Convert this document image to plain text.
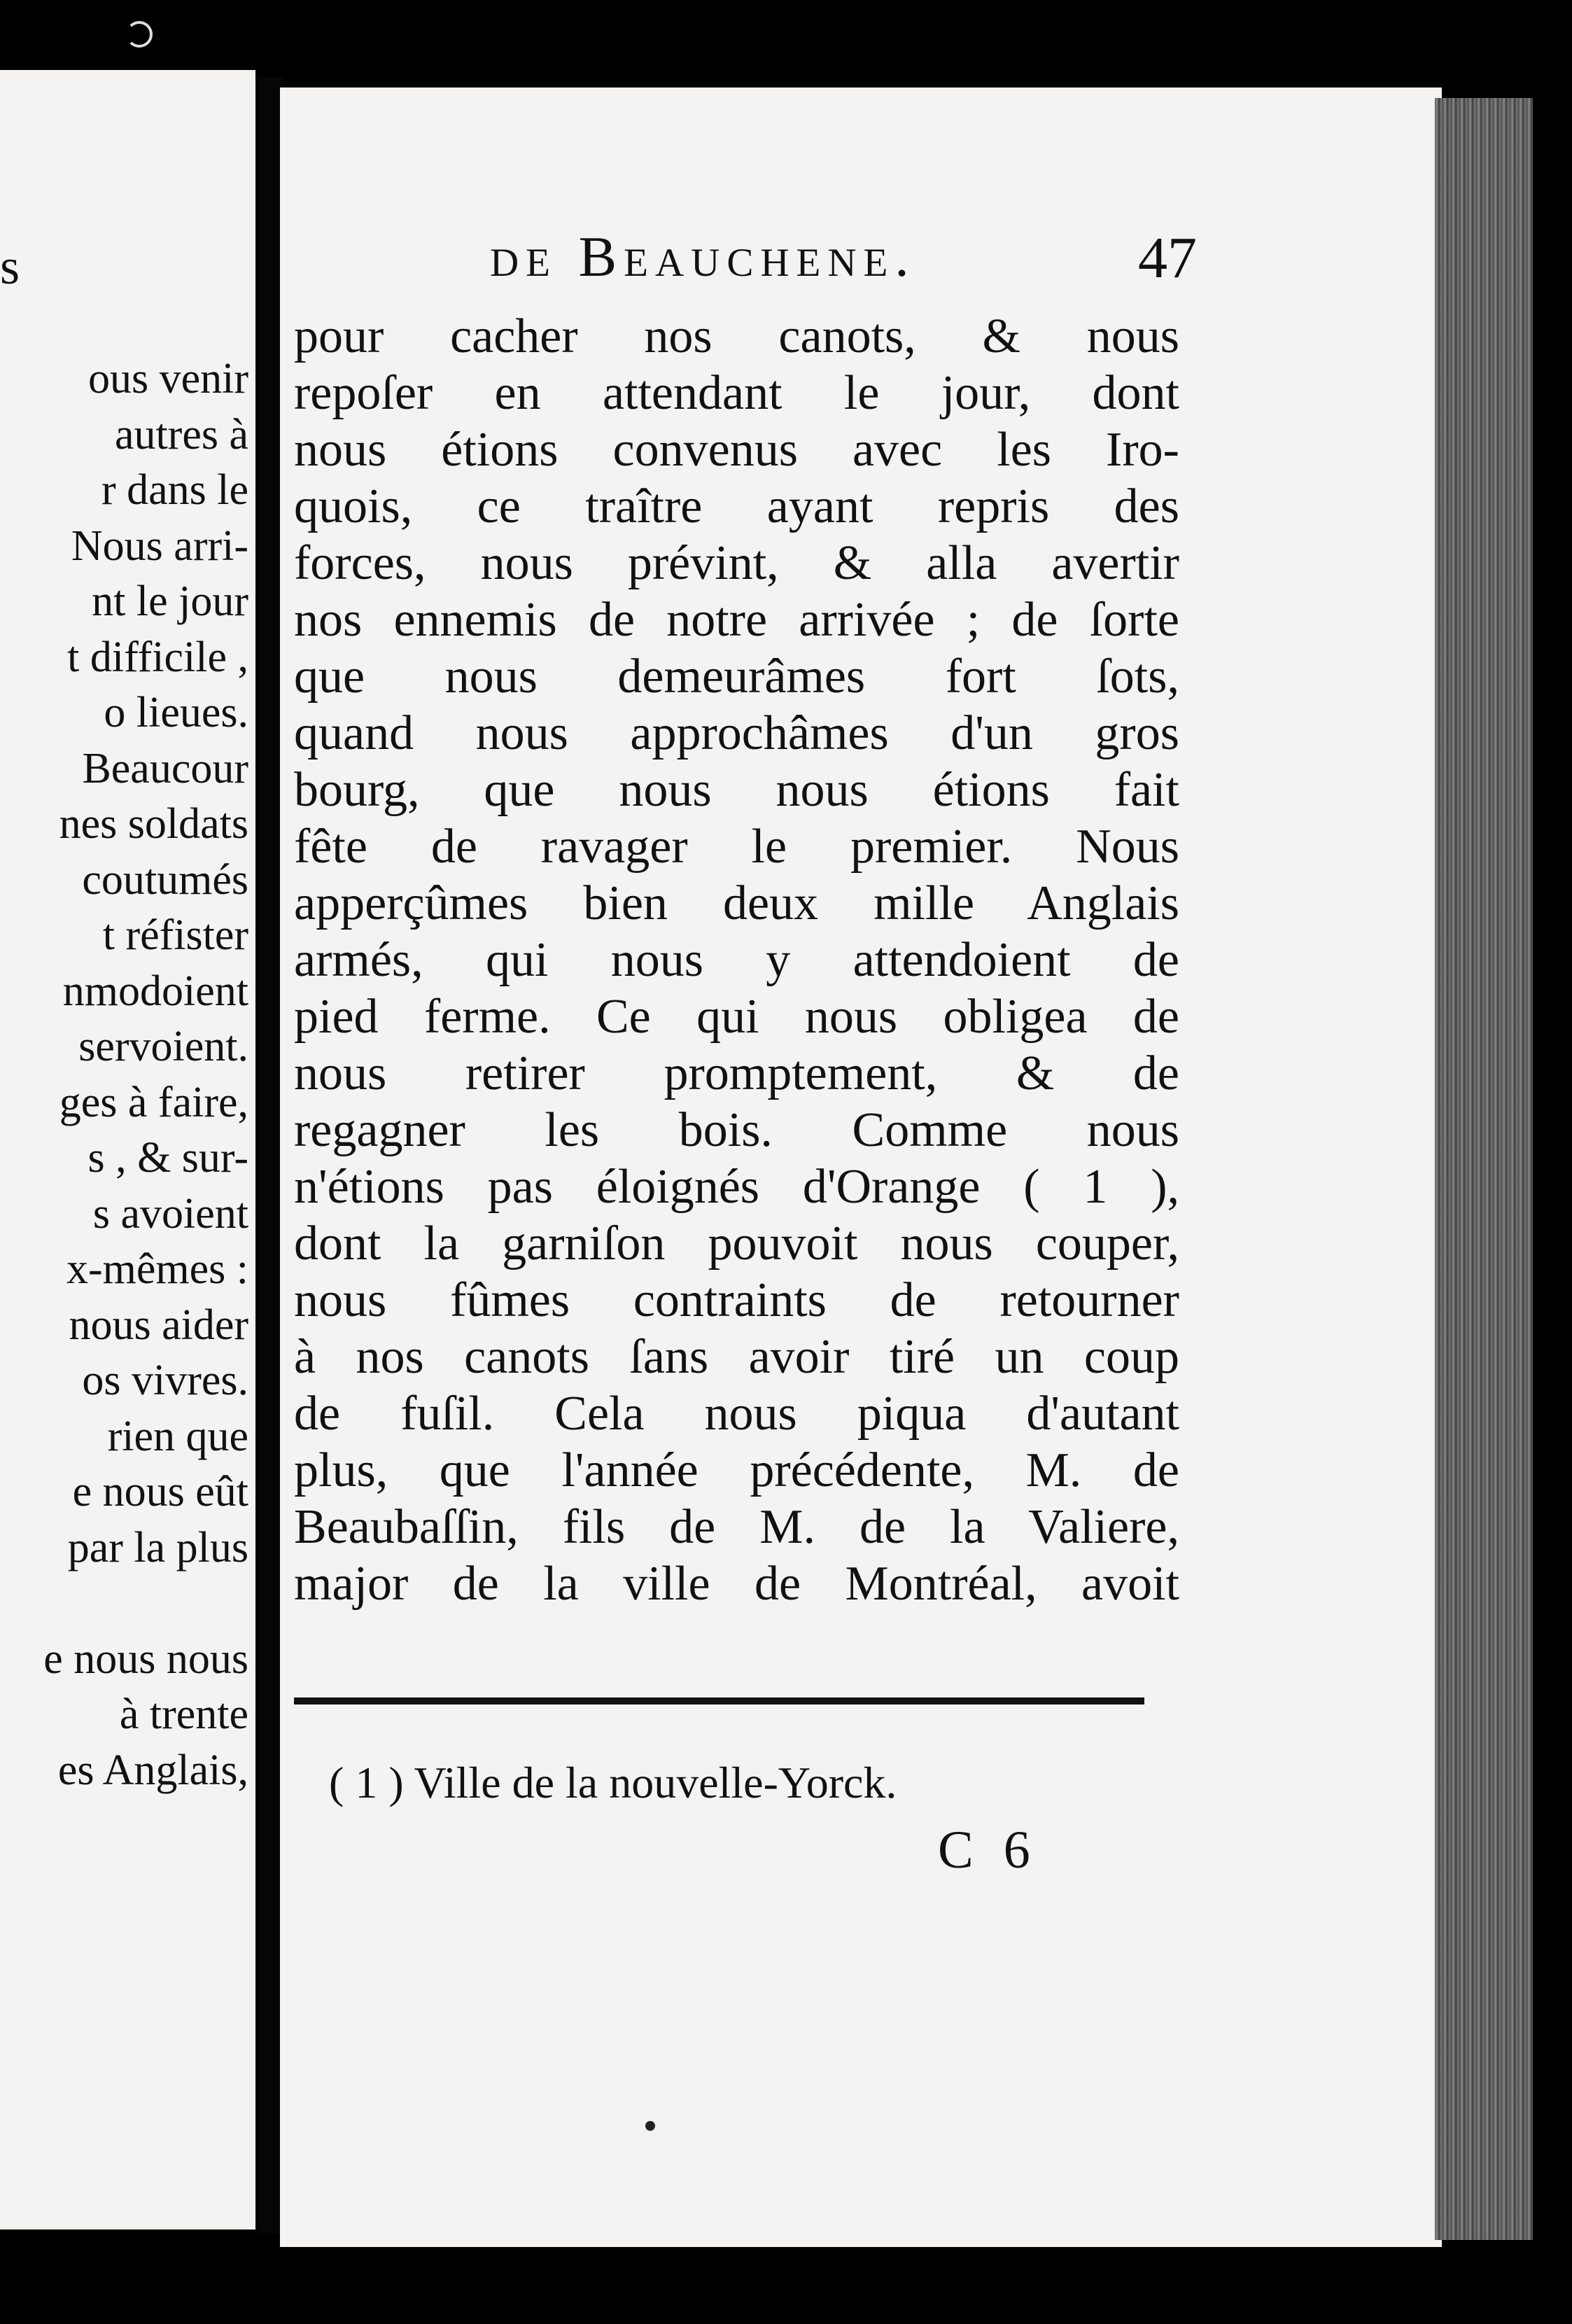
s
ous venir
autres à
r dans le
Nous arri-
nt le jour
t difficile ,
o lieues.
Beaucour
nes soldats
coutumés
t réfister
nmodoient
servoient.
ges à faire,
s , & sur-
s avoient
x-mêmes :
nous aider
os vivres.
rien que
e nous eût
par la plus
e nous nous
à trente
es Anglais,
de Beauchene.	47
pour cacher nos canots, & nous
repoſer en attendant le jour, dont
nous étions convenus avec les Iro-
quois, ce traître ayant repris des
forces, nous prévint, & alla avertir
nos ennemis de notre arrivée ; de ſorte
que nous demeurâmes fort ſots,
quand nous approchâmes d'un gros
bourg, que nous nous étions fait
fête de ravager le premier. Nous
apperçûmes bien deux mille Anglais
armés, qui nous y attendoient de
pied ferme. Ce qui nous obligea de
nous retirer promptement, & de
regagner les bois. Comme nous
n'étions pas éloignés d'Orange ( 1 ),
dont la garniſon pouvoit nous couper,
nous fûmes contraints de retourner
à nos canots ſans avoir tiré un coup
de fuſil. Cela nous piqua d'autant
plus, que l'année précédente, M. de
Beaubaſſin, fils de M. de la Valiere,
major de la ville de Montréal, avoit
( 1 ) Ville de la nouvelle-Yorck.
C 6
